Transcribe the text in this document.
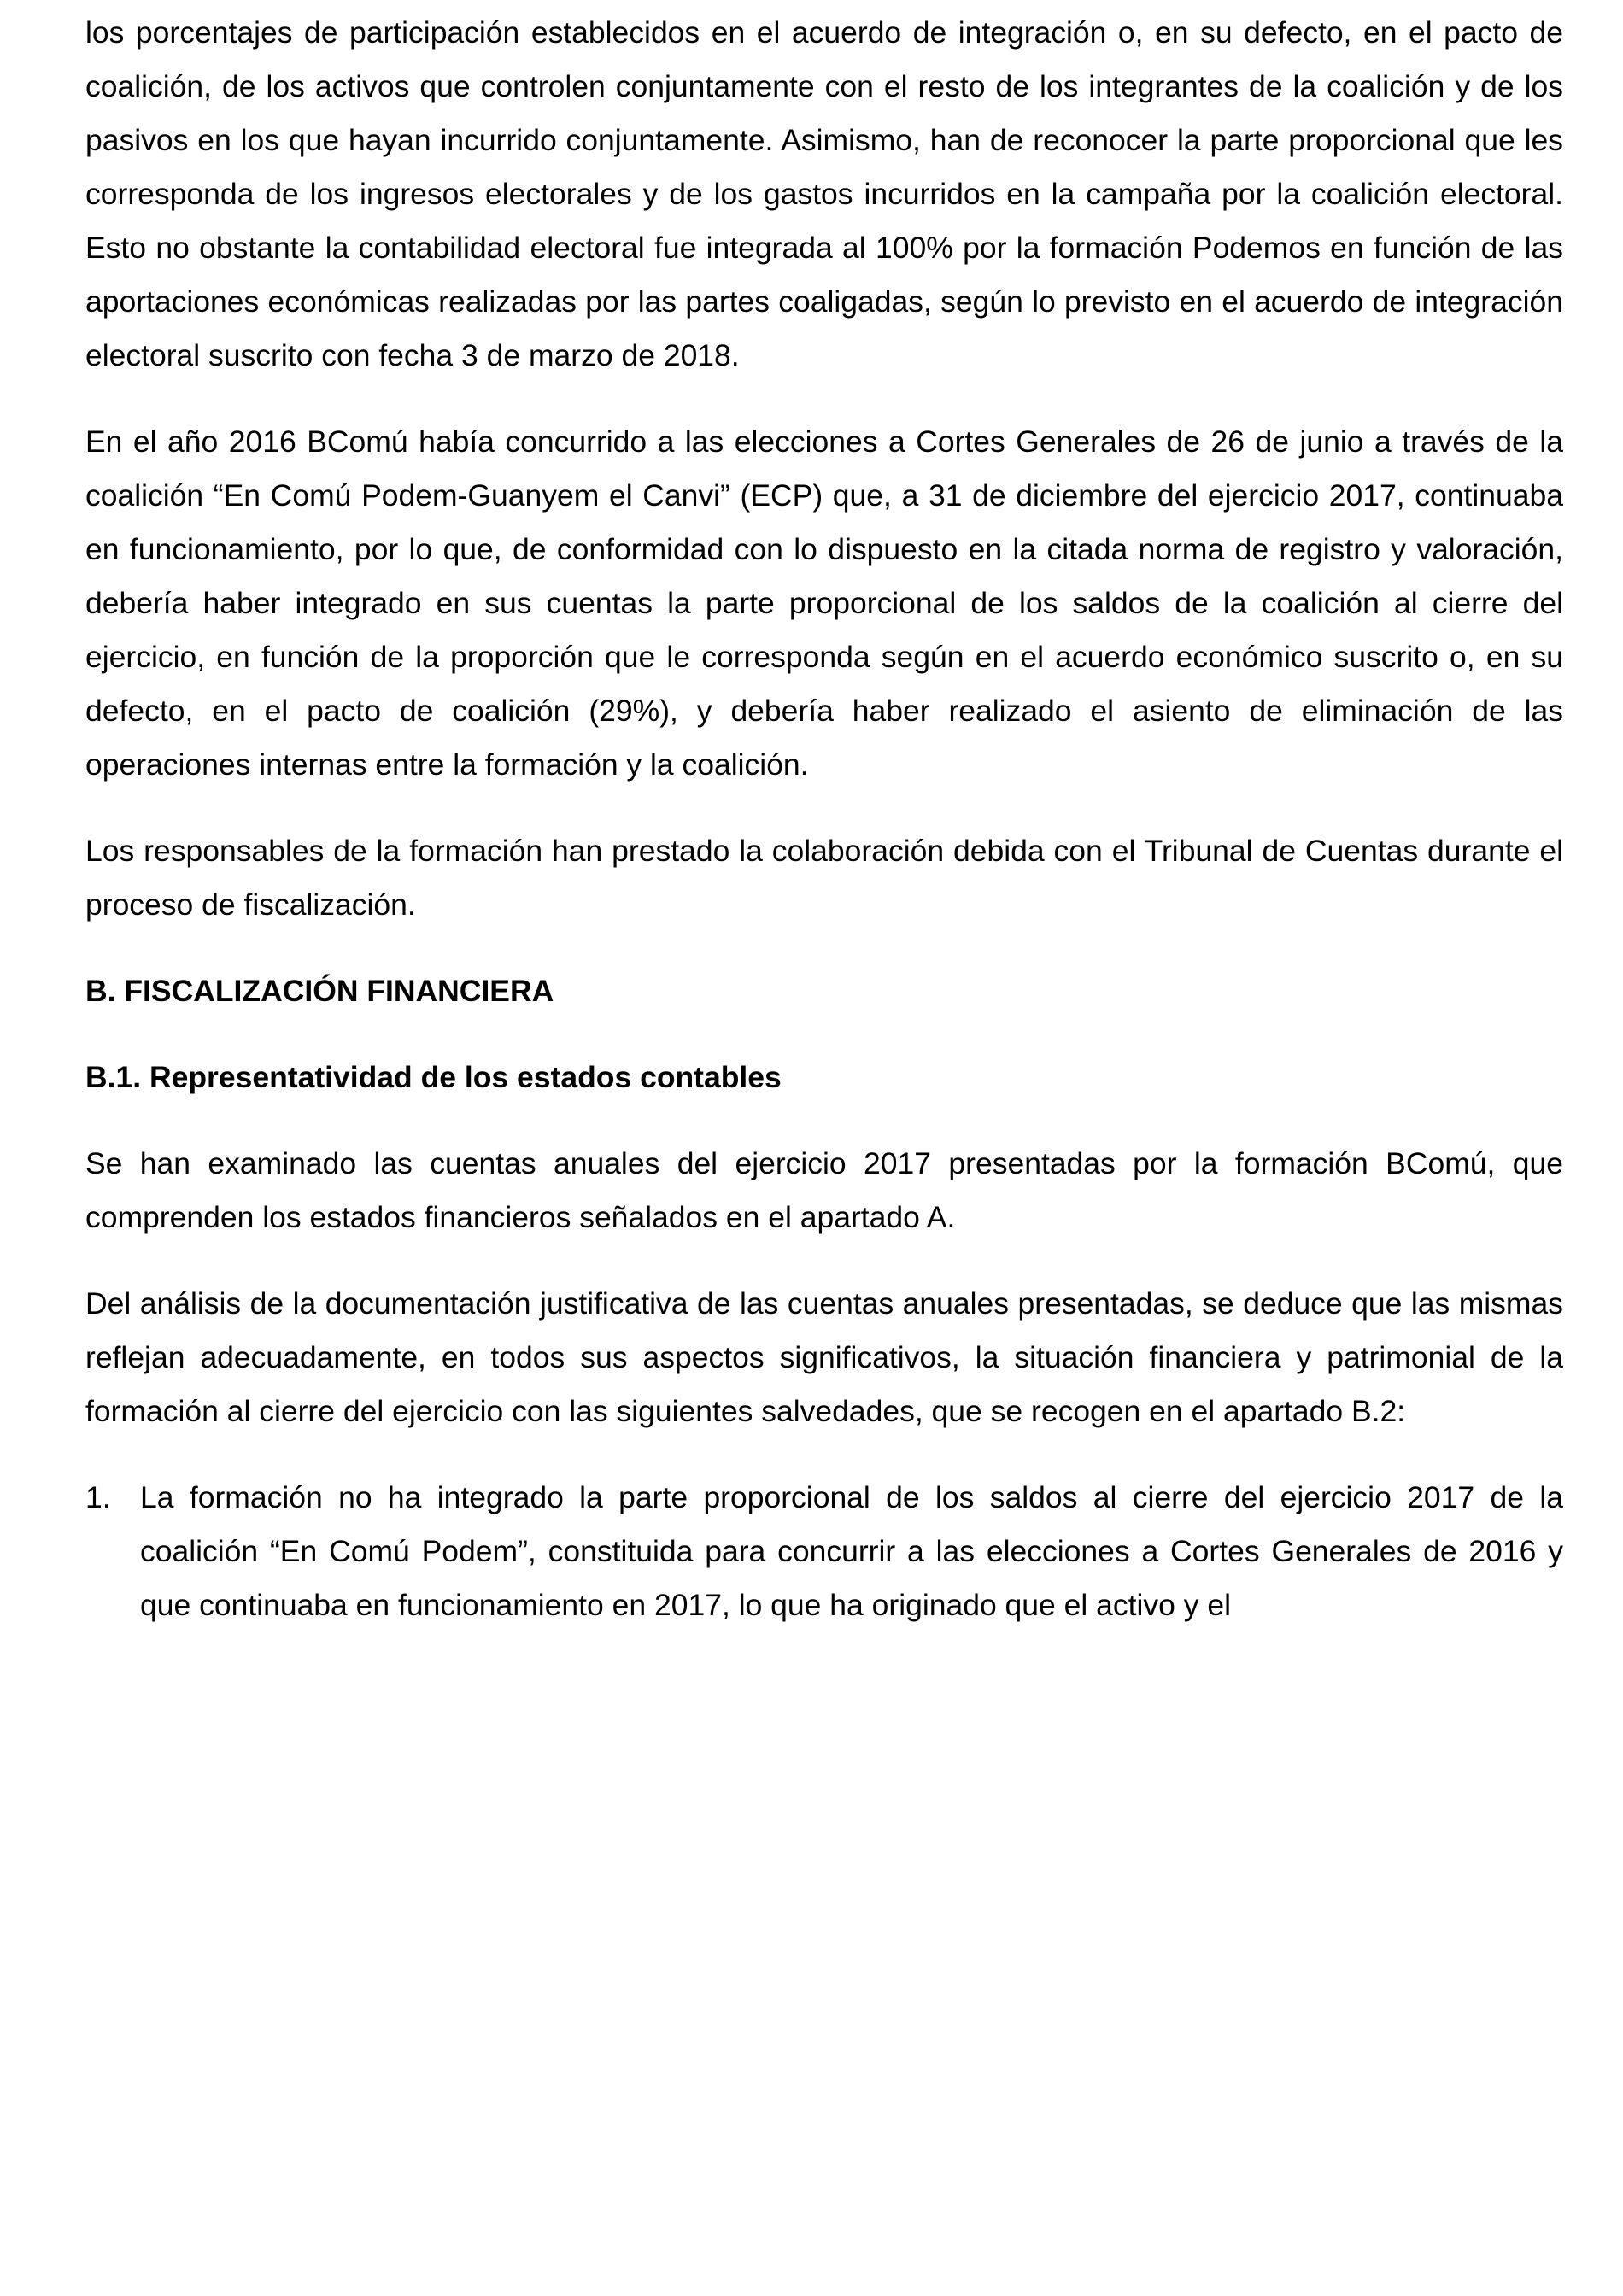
los porcentajes de participación establecidos en el acuerdo de integración o, en su defecto, en el pacto de coalición, de los activos que controlen conjuntamente con el resto de los integrantes de la coalición y de los pasivos en los que hayan incurrido conjuntamente. Asimismo, han de reconocer la parte proporcional que les corresponda de los ingresos electorales y de los gastos incurridos en la campaña por la coalición electoral. Esto no obstante la contabilidad electoral fue integrada al 100% por la formación Podemos en función de las aportaciones económicas realizadas por las partes coaligadas, según lo previsto en el acuerdo de integración electoral suscrito con fecha 3 de marzo de 2018.

En el año 2016 BComú había concurrido a las elecciones a Cortes Generales de 26 de junio a través de la coalición “En Comú Podem-Guanyem el Canvi” (ECP) que, a 31 de diciembre del ejercicio 2017, continuaba en funcionamiento, por lo que, de conformidad con lo dispuesto en la citada norma de registro y valoración, debería haber integrado en sus cuentas la parte proporcional de los saldos de la coalición al cierre del ejercicio, en función de la proporción que le corresponda según en el acuerdo económico suscrito o, en su defecto, en el pacto de coalición (29%), y debería haber realizado el asiento de eliminación de las operaciones internas entre la formación y la coalición.

Los responsables de la formación han prestado la colaboración debida con el Tribunal de Cuentas durante el proceso de fiscalización.

B. FISCALIZACIÓN FINANCIERA
B.1. Representatividad de los estados contables

Se han examinado las cuentas anuales del ejercicio 2017 presentadas por la formación BComú, que comprenden los estados financieros señalados en el apartado A.

Del análisis de la documentación justificativa de las cuentas anuales presentadas, se deduce que las mismas reflejan adecuadamente, en todos sus aspectos significativos, la situación financiera y patrimonial de la formación al cierre del ejercicio con las siguientes salvedades, que se recogen en el apartado B.2:

1. La formación no ha integrado la parte proporcional de los saldos al cierre del ejercicio 2017 de la coalición “En Comú Podem”, constituida para concurrir a las elecciones a Cortes Generales de 2016 y que continuaba en funcionamiento en 2017, lo que ha originado que el activo y el
